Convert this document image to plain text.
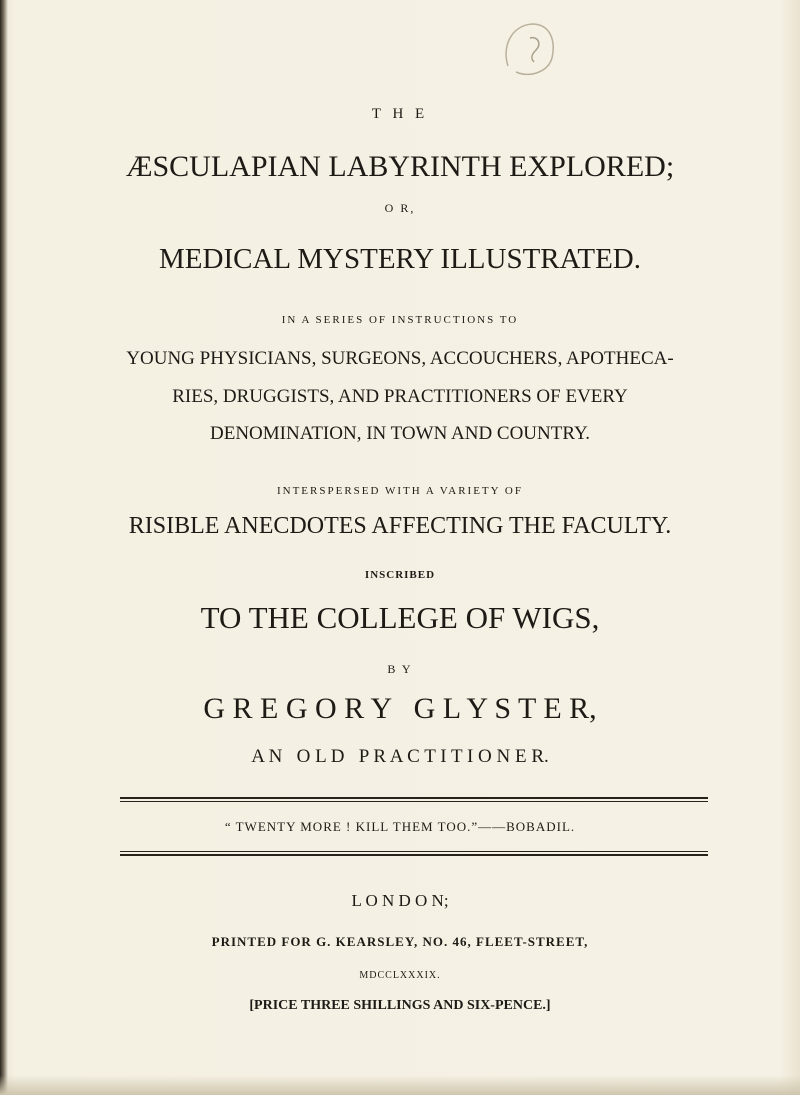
T H E
ÆSCULAPIAN LABYRINTH EXPLORED;
O R,
MEDICAL MYSTERY ILLUSTRATED.
IN A SERIES OF INSTRUCTIONS TO
YOUNG PHYSICIANS, SURGEONS, ACCOUCHERS, APOTHECA-
RIES, DRUGGISTS, AND PRACTITIONERS OF EVERY
DENOMINATION, IN TOWN AND COUNTRY.
INTERSPERSED WITH A VARIETY OF
RISIBLE ANECDOTES AFFECTING THE FACULTY.
INSCRIBED
TO THE COLLEGE OF WIGS,
B Y
G R E G O R Y   G L Y S T E R,
A N   O L D   P R A C T I T I O N E R.
“ TWENTY MORE ! KILL THEM TOO.”——BOBADIL.
L O N D O N;
PRINTED FOR G. KEARSLEY, NO. 46, FLEET-STREET,
MDCCLXXXIX.
[PRICE THREE SHILLINGS AND SIX-PENCE.]
